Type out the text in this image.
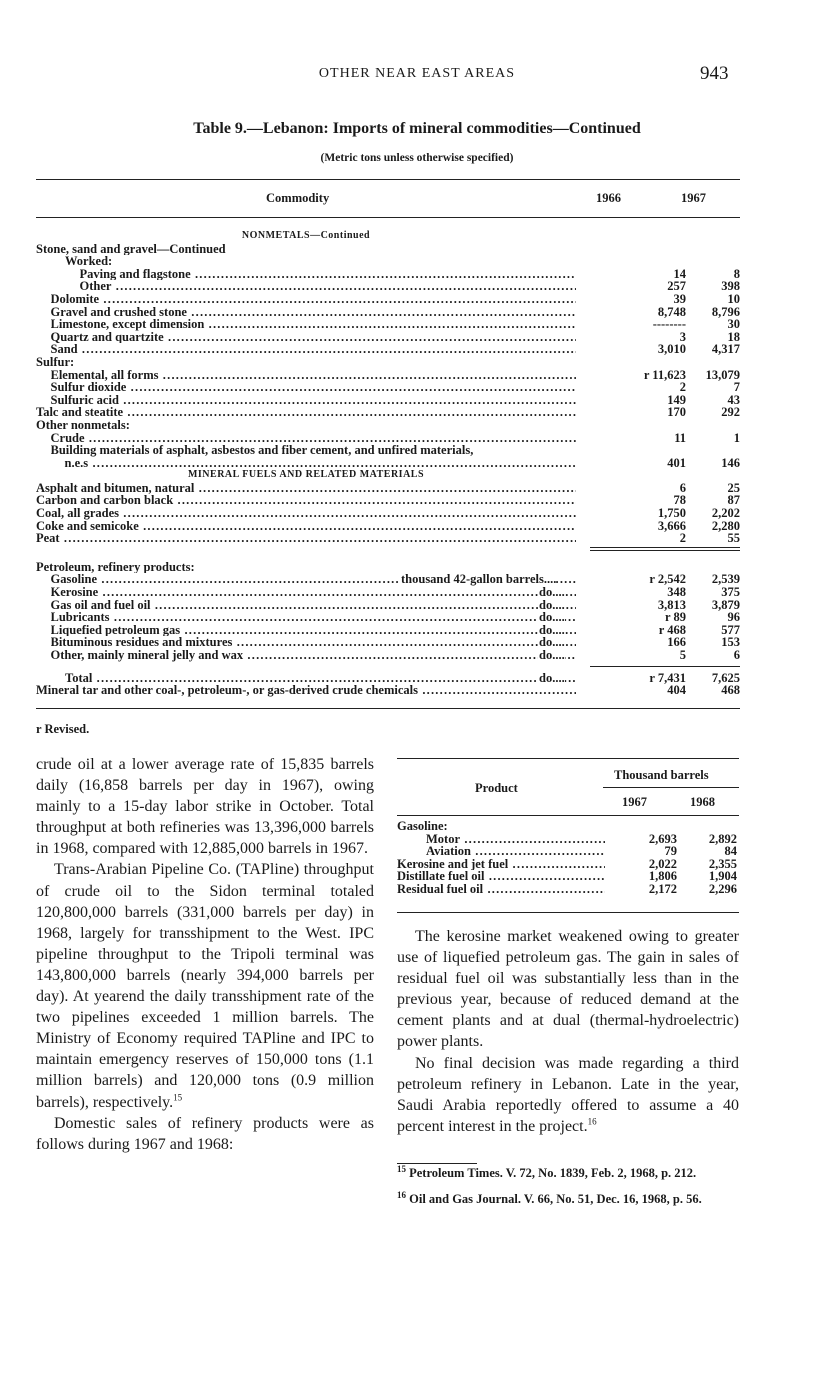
OTHER NEAR EAST AREAS	943
Table 9.—Lebanon: Imports of mineral commodities—Continued
(Metric tons unless otherwise specified)
Commodity	1966	1967
NONMETALS—Continued
Stone, sand and gravel—Continued
Worked:
Paving and flagstone .....	14	8
Other .....	257	398
Dolomite .....	39	10
Gravel and crushed stone .....	8,748 8,796
Limestone, except dimension .....	--------	30
Quartz and quartzite .....	3	18
Sand .....	3,010 4,317
Sulfur:
Elemental, all forms .....	r 11,623 13,079
Sulfur dioxide .....	2	7
Sulfuric acid .....	149	43
Talc and steatite .....	170	292
Other nonmetals:
Crude .....	11	1
Building materials of asphalt, asbestos and fiber cement, and unfired materials,
n.e.s .....	401	146
MINERAL FUELS AND RELATED MATERIALS
Asphalt and bitumen, natural .....	6	25
Carbon and carbon black .....	78	87
Coal, all grades .....	1,750 2,202
Coke and semicoke .....	3,666 2,280
Peat .....	2	55
Petroleum, refinery products:
Gasoline .....	thousand 42-gallon barrels....	r 2,542 2,539
Kerosine .....	do....	348	375
Gas oil and fuel oil .....	do....	3,813 3,879
Lubricants .....	do....	r 89	96
Liquefied petroleum gas .....	do....	r 468	577
Bituminous residues and mixtures .....	do....	166	153
Other, mainly mineral jelly and wax .....	do....	5	6
Total .....	do....	r 7,431 7,625
Mineral tar and other coal-, petroleum-, or gas-derived crude chemicals .....	404	468
r Revised.

crude oil at a lower average rate of 15,835 barrels daily (16,858 barrels per day in 1967), owing mainly to a 15-day labor strike in October. Total throughput at both refineries was 13,396,000 barrels in 1968, compared with 12,885,000 barrels in 1967.

Trans-Arabian Pipeline Co. (TAPline) throughput of crude oil to the Sidon terminal totaled 120,800,000 barrels (331,000 barrels per day) in 1968, largely for transshipment to the West. IPC pipeline throughput to the Tripoli terminal was 143,800,000 barrels (nearly 394,000 barrels per day). At yearend the daily transshipment rate of the two pipelines exceeded 1 million barrels. The Ministry of Economy required TAPline and IPC to maintain emergency reserves of 150,000 tons (1.1 million barrels) and 120,000 tons (0.9 million barrels), respectively.$^{15}$

Domestic sales of refinery products were as follows during 1967 and 1968:

Product
Thousand barrels
1967	1968
Gasoline:
Motor .....	2,693	2,892
Aviation .....	79	84
Kerosine and jet fuel .....	2,022	2,355
Distillate fuel oil .....	1,806	1,904
Residual fuel oil .....	2,172	2,296

The kerosine market weakened owing to greater use of liquefied petroleum gas. The gain in sales of residual fuel oil was substantially less than in the previous year, because of reduced demand at the cement plants and at dual (thermal-hydroelectric) power plants.

No final decision was made regarding a third petroleum refinery in Lebanon. Late in the year, Saudi Arabia reportedly offered to assume a 40 percent interest in the project.$^{16}$

$^{15}$ Petroleum Times. V. 72, No. 1839, Feb. 2, 1968, p. 212.
$^{16}$ Oil and Gas Journal. V. 66, No. 51, Dec. 16, 1968, p. 56.
